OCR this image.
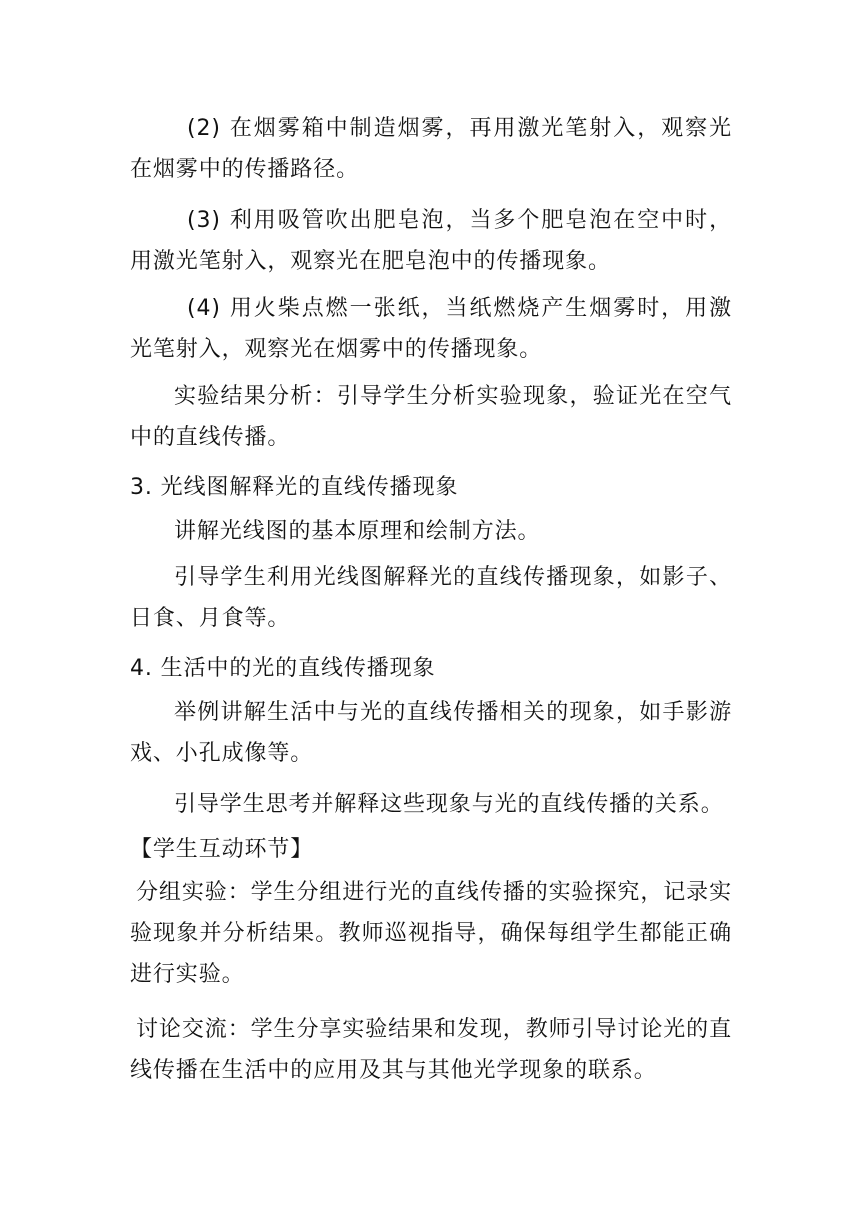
(2) 在烟雾箱中制造烟雾，再用激光笔射入，观察光在烟雾中的传播路径。

(3) 利用吸管吹出肥皂泡，当多个肥皂泡在空中时，用激光笔射入，观察光在肥皂泡中的传播现象。

(4) 用火柴点燃一张纸，当纸燃烧产生烟雾时，用激光笔射入，观察光在烟雾中的传播现象。

实验结果分析：引导学生分析实验现象，验证光在空气中的直线传播。

3. 光线图解释光的直线传播现象

讲解光线图的基本原理和绘制方法。

引导学生利用光线图解释光的直线传播现象，如影子、日食、月食等。

4. 生活中的光的直线传播现象

举例讲解生活中与光的直线传播相关的现象，如手影游戏、小孔成像等。

引导学生思考并解释这些现象与光的直线传播的关系。

【学生互动环节】

分组实验：学生分组进行光的直线传播的实验探究，记录实验现象并分析结果。教师巡视指导，确保每组学生都能正确进行实验。

讨论交流：学生分享实验结果和发现，教师引导讨论光的直线传播在生活中的应用及其与其他光学现象的联系。
